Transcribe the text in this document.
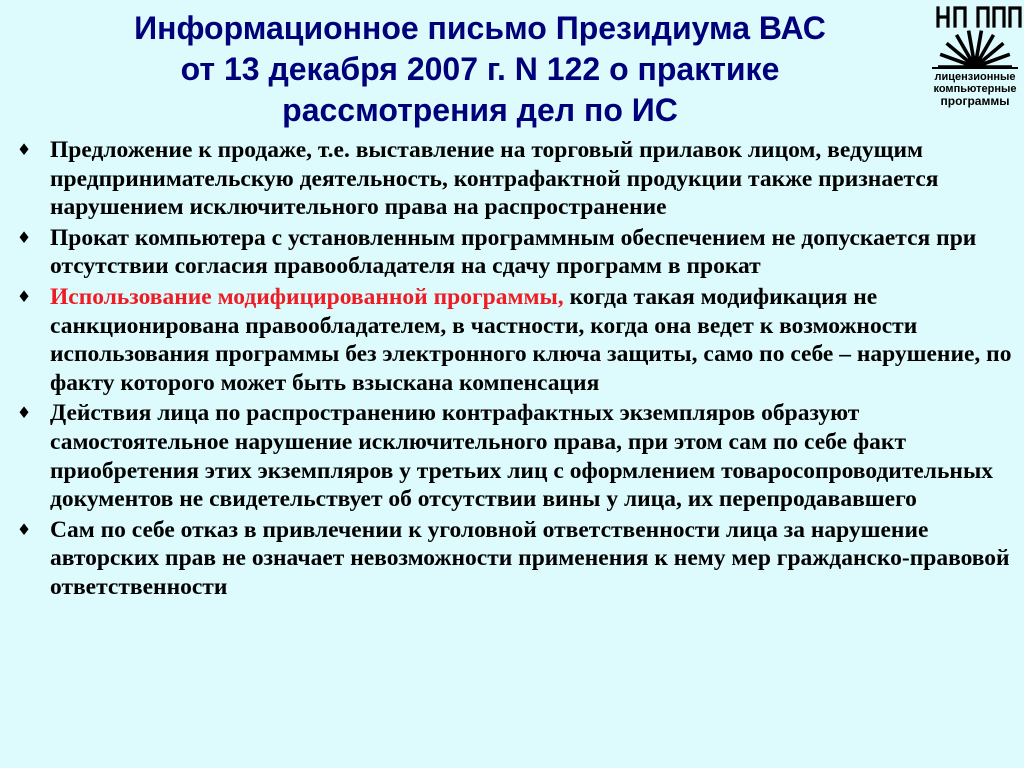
Информационное письмо Президиума ВАС
от 13 декабря 2007 г. N 122 о практике
рассмотрения дел по ИС
лицензионные
компьютерные
программы
♦ Предложение к продаже, т.е. выставление на торговый прилавок лицом, ведущим предпринимательскую деятельность, контрафактной продукции также признается нарушением исключительного права на распространение
♦ Прокат компьютера с установленным программным обеспечением не допускается при отсутствии согласия правообладателя на сдачу программ в прокат
♦ Использование модифицированной программы, когда такая модификация не санкционирована правообладателем, в частности, когда она ведет к возможности использования программы без электронного ключа защиты, само по себе – нарушение, по факту которого может быть взыскана компенсация
♦ Действия лица по распространению контрафактных экземпляров образуют самостоятельное нарушение исключительного права, при этом сам по себе факт приобретения этих экземпляров у третьих лиц с оформлением товаросопроводительных документов не свидетельствует об отсутствии вины у лица, их перепродававшего
♦ Сам по себе отказ в привлечении к уголовной ответственности лица за нарушение авторских прав не означает невозможности применения к нему мер гражданско-правовой ответственности
